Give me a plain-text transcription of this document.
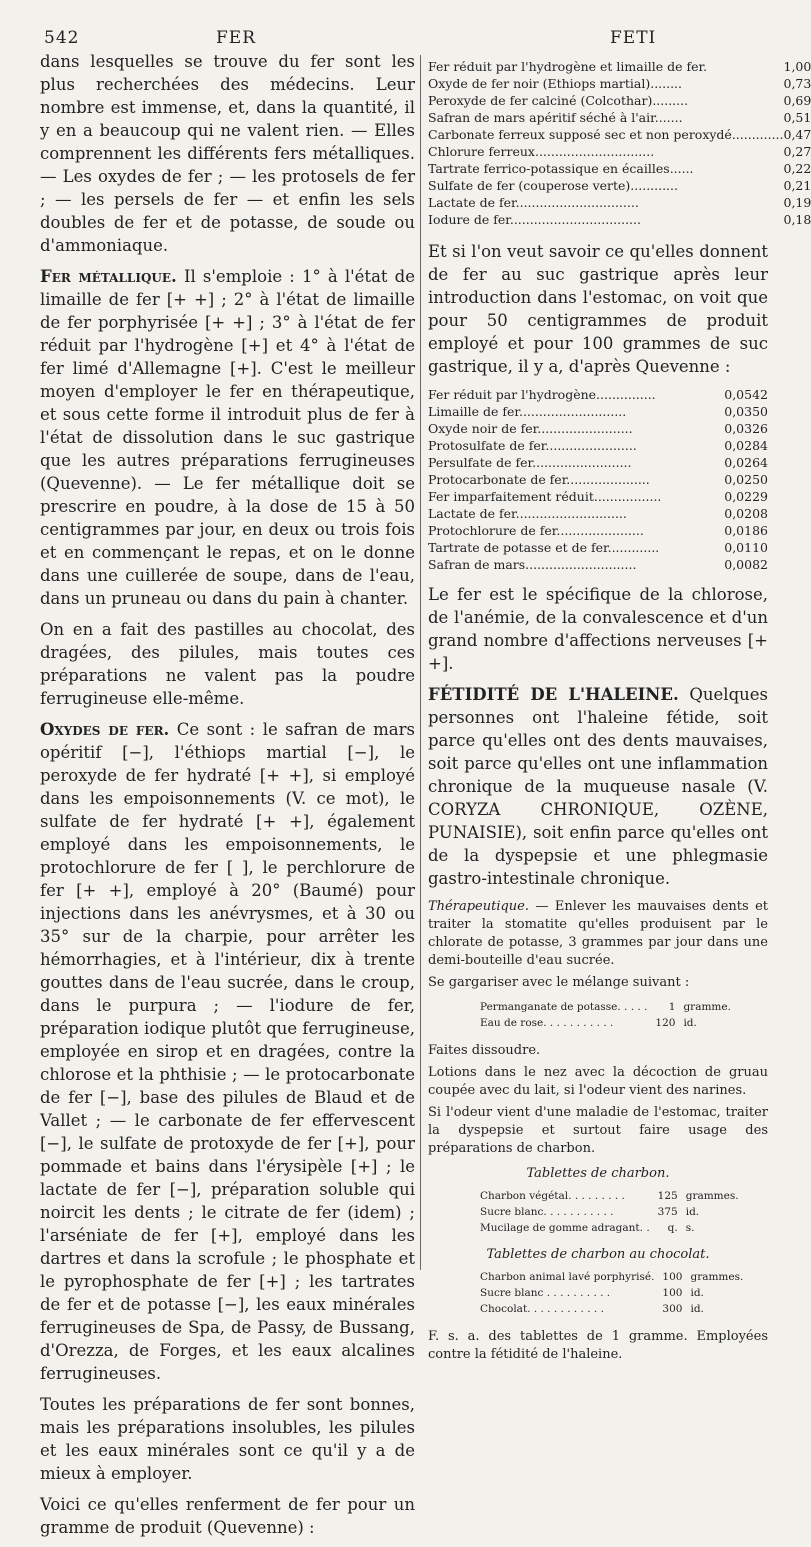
542	FER	FETI

dans lesquelles se trouve du fer sont les plus recherchées des médecins. Leur nombre est immense, et, dans la quantité, il y en a beaucoup qui ne valent rien. — Elles comprennent les différents fers métalliques. — Les oxydes de fer ; — les protosels de fer ; — les persels de fer — et enfin les sels doubles de fer et de potasse, de soude ou d'ammoniaque.

Fer métallique. Il s'emploie : 1° à l'état de limaille de fer [+ +] ; 2° à l'état de limaille de fer porphyrisée [+ +] ; 3° à l'état de fer réduit par l'hydrogène [+] et 4° à l'état de fer limé d'Allemagne [+]. C'est le meilleur moyen d'employer le fer en thérapeutique, et sous cette forme il introduit plus de fer à l'état de dissolution dans le suc gastrique que les autres préparations ferrugineuses (Quevenne). — Le fer métallique doit se prescrire en poudre, à la dose de 15 à 50 centigrammes par jour, en deux ou trois fois et en commençant le repas, et on le donne dans une cuillerée de soupe, dans de l'eau, dans un pruneau ou dans du pain à chanter.

On en a fait des pastilles au chocolat, des dragées, des pilules, mais toutes ces préparations ne valent pas la poudre ferrugineuse elle-même.

Oxydes de fer. Ce sont : le safran de mars opéritif [−], l'éthiops martial [−], le peroxyde de fer hydraté [+ +], si employé dans les empoisonnements (V. ce mot), le sulfate de fer hydraté [+ +], également employé dans les empoisonnements, le protochlorure de fer [ ], le perchlorure de fer [+ +], employé à 20° (Baumé) pour injections dans les anévrysmes, et à 30 ou 35° sur de la charpie, pour arrêter les hémorrhagies, et à l'intérieur, dix à trente gouttes dans de l'eau sucrée, dans le croup, dans le purpura ; — l'iodure de fer, préparation iodique plutôt que ferrugineuse, employée en sirop et en dragées, contre la chlorose et la phthisie ; — le protocarbonate de fer [−], base des pilules de Blaud et de Vallet ; — le carbonate de fer effervescent [−], le sulfate de protoxyde de fer [+], pour pommade et bains dans l'érysipèle [+] ; le lactate de fer [−], préparation soluble qui noircit les dents ; le citrate de fer (idem) ; l'arséniate de fer [+], employé dans les dartres et dans la scrofule ; le phosphate et le pyrophosphate de fer [+] ; les tartrates de fer et de potasse [−], les eaux minérales ferrugineuses de Spa, de Passy, de Bussang, d'Orezza, de Forges, et les eaux alcalines ferrugineuses.

Toutes les préparations de fer sont bonnes, mais les préparations insolubles, les pilules et les eaux minérales sont ce qu'il y a de mieux à employer.

Voici ce qu'elles renferment de fer pour un gramme de produit (Quevenne) :

Fer réduit par l'hydrogène et limaille de fer.	1,00
Oxyde de fer noir (Ethiops martial)........	0,73
Peroxyde de fer calciné (Colcothar).........	0,69
Safran de mars apéritif séché à l'air.......	0,51
Carbonate ferreux supposé sec et non peroxydé.............	0,47
Chlorure ferreux..............................	0,27
Tartrate ferrico-potassique en écailles......	0,22
Sulfate de fer (couperose verte)............	0,21
Lactate de fer...............................	0,19
Iodure de fer.................................	0,18

Et si l'on veut savoir ce qu'elles donnent de fer au suc gastrique après leur introduction dans l'estomac, on voit que pour 50 centigrammes de produit employé et pour 100 grammes de suc gastrique, il y a, d'après Quevenne :

Fer réduit par l'hydrogène...............	0,0542
Limaille de fer...........................	0,0350
Oxyde noir de fer........................	0,0326
Protosulfate de fer.......................	0,0284
Persulfate de fer.........................	0,0264
Protocarbonate de fer.....................	0,0250
Fer imparfaitement réduit.................	0,0229
Lactate de fer............................	0,0208
Protochlorure de fer......................	0,0186
Tartrate de potasse et de fer.............	0,0110
Safran de mars............................	0,0082

Le fer est le spécifique de la chlorose, de l'anémie, de la convalescence et d'un grand nombre d'affections nerveuses [+ +].

FÉTIDITÉ DE L'HALEINE. Quelques personnes ont l'haleine fétide, soit parce qu'elles ont des dents mauvaises, soit parce qu'elles ont une inflammation chronique de la muqueuse nasale (V. CORYZA CHRONIQUE, OZÈNE, PUNAISIE), soit enfin parce qu'elles ont de la dyspepsie et une phlegmasie gastro-intestinale chronique.

Thérapeutique. — Enlever les mauvaises dents et traiter la stomatite qu'elles produisent par le chlorate de potasse, 3 grammes par jour dans une demi-bouteille d'eau sucrée.

Se gargariser avec le mélange suivant :

Permanganate de potasse. . . . .	1	gramme.
Eau de rose. . . . . . . . . . .	120	id.

Faites dissoudre.

Lotions dans le nez avec la décoction de gruau coupée avec du lait, si l'odeur vient des narines.

Si l'odeur vient d'une maladie de l'estomac, traiter la dyspepsie et surtout faire usage des préparations de charbon.

Tablettes de charbon.
Charbon végétal. . . . . . . . .	125	grammes.
Sucre blanc. . . . . . . . . . .	375	id.
Mucilage de gomme adragant. .	q.	s.
Tablettes de charbon au chocolat.
Charbon animal lavé porphyrisé.	100	grammes.
Sucre blanc . . . . . . . . . .	100	id.
Chocolat. . . . . . . . . . . .	300	id.

F. s. a. des tablettes de 1 gramme. Employées contre la fétidité de l'haleine.
